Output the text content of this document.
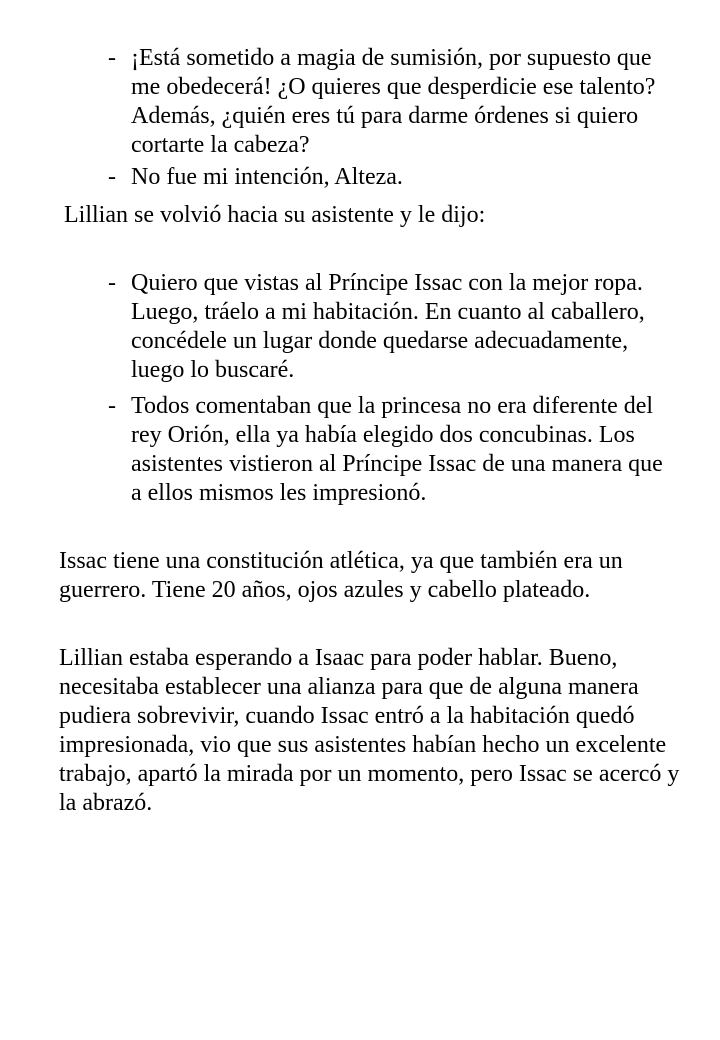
- ¡Está sometido a magia de sumisión, por supuesto que me obedecerá! ¿O quieres que desperdicie ese talento? Además, ¿quién eres tú para darme órdenes si quiero cortarte la cabeza?
- No fue mi intención, Alteza.
Lillian se volvió hacia su asistente y le dijo:
- Quiero que vistas al Príncipe Issac con la mejor ropa. Luego, tráelo a mi habitación. En cuanto al caballero, concédele un lugar donde quedarse adecuadamente, luego lo buscaré.
- Todos comentaban que la princesa no era diferente del rey Orión, ella ya había elegido dos concubinas. Los asistentes vistieron al Príncipe Issac de una manera que a ellos mismos les impresionó.
Issac tiene una constitución atlética, ya que también era un guerrero. Tiene 20 años, ojos azules y cabello plateado.
Lillian estaba esperando a Isaac para poder hablar. Bueno, necesitaba establecer una alianza para que de alguna manera pudiera sobrevivir, cuando Issac entró a la habitación quedó impresionada, vio que sus asistentes habían hecho un excelente trabajo, apartó la mirada por un momento, pero Issac se acercó y la abrazó.
